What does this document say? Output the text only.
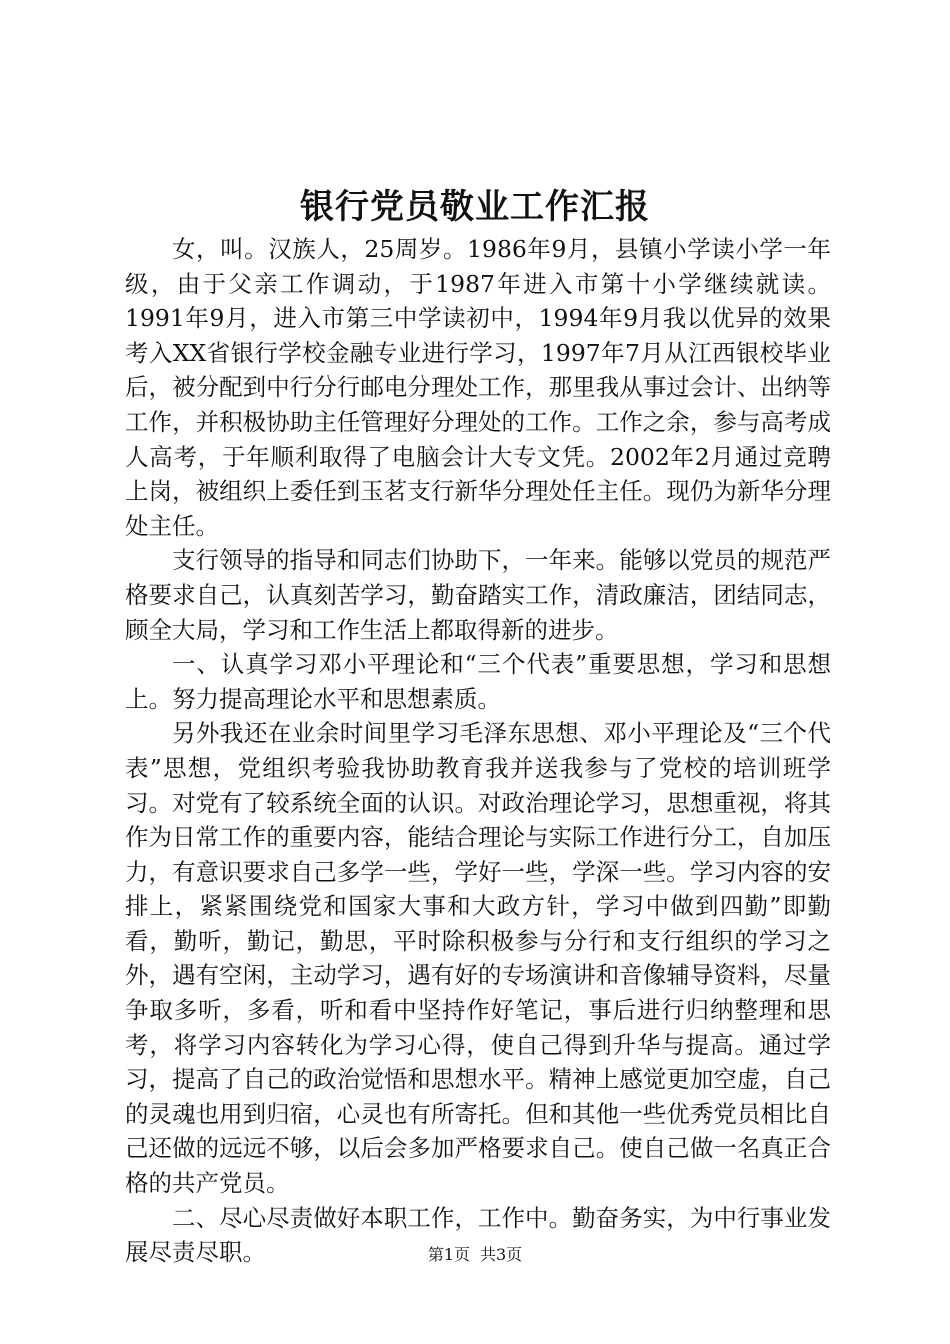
银行党员敬业工作汇报

女，叫。汉族人，25周岁。1986年9月，县镇小学读小学一年级，由于父亲工作调动，于1987年进入市第十小学继续就读。1991年9月，进入市第三中学读初中，1994年9月我以优异的效果考入XX省银行学校金融专业进行学习，1997年7月从江西银校毕业后，被分配到中行分行邮电分理处工作，那里我从事过会计、出纳等工作，并积极协助主任管理好分理处的工作。工作之余，参与高考成人高考，于年顺利取得了电脑会计大专文凭。2002年2月通过竞聘上岗，被组织上委任到玉茗支行新华分理处任主任。现仍为新华分理处主任。

支行领导的指导和同志们协助下，一年来。能够以党员的规范严格要求自己，认真刻苦学习，勤奋踏实工作，清政廉洁，团结同志，顾全大局，学习和工作生活上都取得新的进步。

一、认真学习邓小平理论和“三个代表”重要思想，学习和思想上。努力提高理论水平和思想素质。

另外我还在业余时间里学习毛泽东思想、邓小平理论及“三个代表”思想，党组织考验我协助教育我并送我参与了党校的培训班学习。对党有了较系统全面的认识。对政治理论学习，思想重视，将其作为日常工作的重要内容，能结合理论与实际工作进行分工，自加压力，有意识要求自己多学一些，学好一些，学深一些。学习内容的安排上，紧紧围绕党和国家大事和大政方针，学习中做到四勤”即勤看，勤听，勤记，勤思，平时除积极参与分行和支行组织的学习之外，遇有空闲，主动学习，遇有好的专场演讲和音像辅导资料，尽量争取多听，多看，听和看中坚持作好笔记，事后进行归纳整理和思考，将学习内容转化为学习心得，使自己得到升华与提高。通过学习，提高了自己的政治觉悟和思想水平。精神上感觉更加空虚，自己的灵魂也用到归宿，心灵也有所寄托。但和其他一些优秀党员相比自己还做的远远不够，以后会多加严格要求自己。使自己做一名真正合格的共产党员。

二、尽心尽责做好本职工作，工作中。勤奋务实，为中行事业发展尽责尽职。	第1页 共3页
